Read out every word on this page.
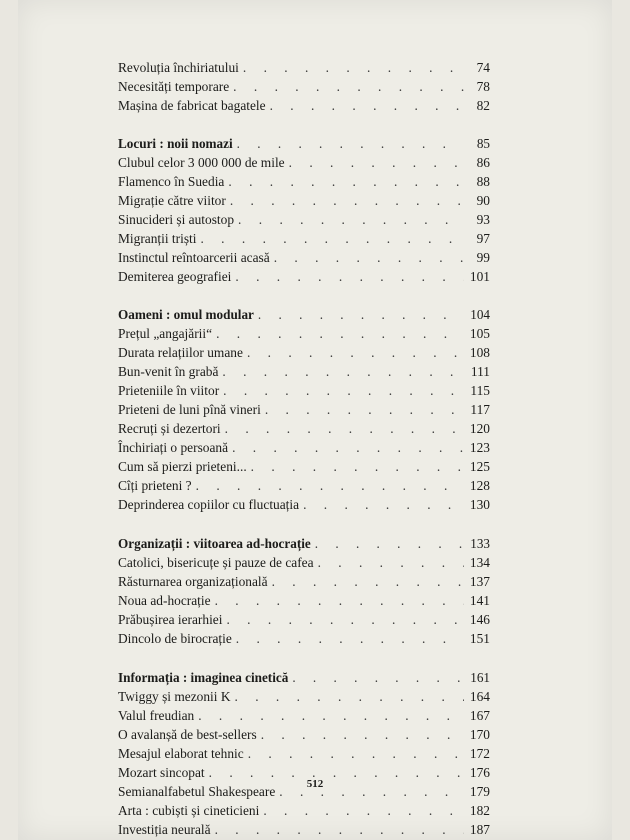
Revoluția închiriatului . . .	74
Necesități temporare . . .	78
Mașina de fabricat bagatele . . .	82
Locuri : noii nomazi . . .	85
Clubul celor 3 000 000 de mile . . .	86
Flamenco în Suedia . . .	88
Migrație către viitor . . .	90
Sinucideri și autostop . . .	93
Migranții triști . . .	97
Instinctul reîntoarcerii acasă . . .	99
Demiterea geografiei . . .	101
Oameni : omul modular . . .	104
Prețul „angajării“ . . .	105
Durata relațiilor umane . . .	108
Bun-venit în grabă . . .	111
Prieteniile în viitor . . .	115
Prieteni de luni pînă vineri . . .	117
Recruți și dezertori . . .	120
Închiriați o persoană . . .	123
Cum să pierzi prieteni... . . .	125
Cîți prieteni ? . . .	128
Deprinderea copiilor cu fluctuația . . .	130
Organizații : viitoarea ad-hocrație . . .	133
Catolici, bisericuțe și pauze de cafea . . .	134
Răsturnarea organizațională . . .	137
Noua ad-hocrație . . .	141
Prăbușirea ierarhiei . . .	146
Dincolo de birocrație . . .	151
Informația : imaginea cinetică . . .	161
Twiggy și mezonii K . . .	164
Valul freudian . . .	167
O avalanșă de best-sellers . . .	170
Mesajul elaborat tehnic . . .	172
Mozart sincopat . . .	176
Semianalfabetul Shakespeare . . .	179
Arta : cubiști și cineticieni . . .	182
Investiția neurală . . .	187
512
